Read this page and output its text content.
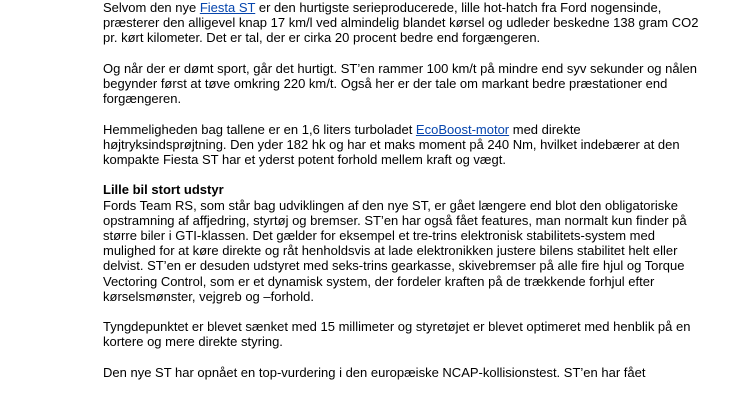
Selvom den nye Fiesta ST er den hurtigste serieproducerede, lille hot-hatch fra Ford nogensinde, præsterer den alligevel knap 17 km/l ved almindelig blandet kørsel og udleder beskedne 138 gram CO2 pr. kørt kilometer. Det er tal, der er cirka 20 procent bedre end forgængeren.

Og når der er dømt sport, går det hurtigt. ST’en rammer 100 km/t på mindre end syv sekunder og nålen begynder først at tøve omkring 220 km/t. Også her er der tale om markant bedre præstationer end forgængeren.

Hemmeligheden bag tallene er en 1,6 liters turboladet EcoBoost-motor med direkte højtryksindsprøjtning. Den yder 182 hk og har et maks moment på 240 Nm, hvilket indebærer at den kompakte Fiesta ST har et yderst potent forhold mellem kraft og vægt.

Lille bil stort udstyr

Fords Team RS, som står bag udviklingen af den nye ST, er gået længere end blot den obligatoriske opstramning af affjedring, styrtøj og bremser. ST’en har også fået features, man normalt kun finder på større biler i GTI-klassen. Det gælder for eksempel et tre-trins elektronisk stabilitets-system med mulighed for at køre direkte og råt henholdsvis at lade elektronikken justere bilens stabilitet helt eller delvist. ST’en er desuden udstyret med seks-trins gearkasse, skivebremser på alle fire hjul og Torque Vectoring Control, som er et dynamisk system, der fordeler kraften på de trækkende forhjul efter kørselsmønster, vejgreb og –forhold.

Tyngdepunktet er blevet sænket med 15 millimeter og styretøjet er blevet optimeret med henblik på en kortere og mere direkte styring.

Den nye ST har opnået en top-vurdering i den europæiske NCAP-kollisionstest. ST’en har fået
